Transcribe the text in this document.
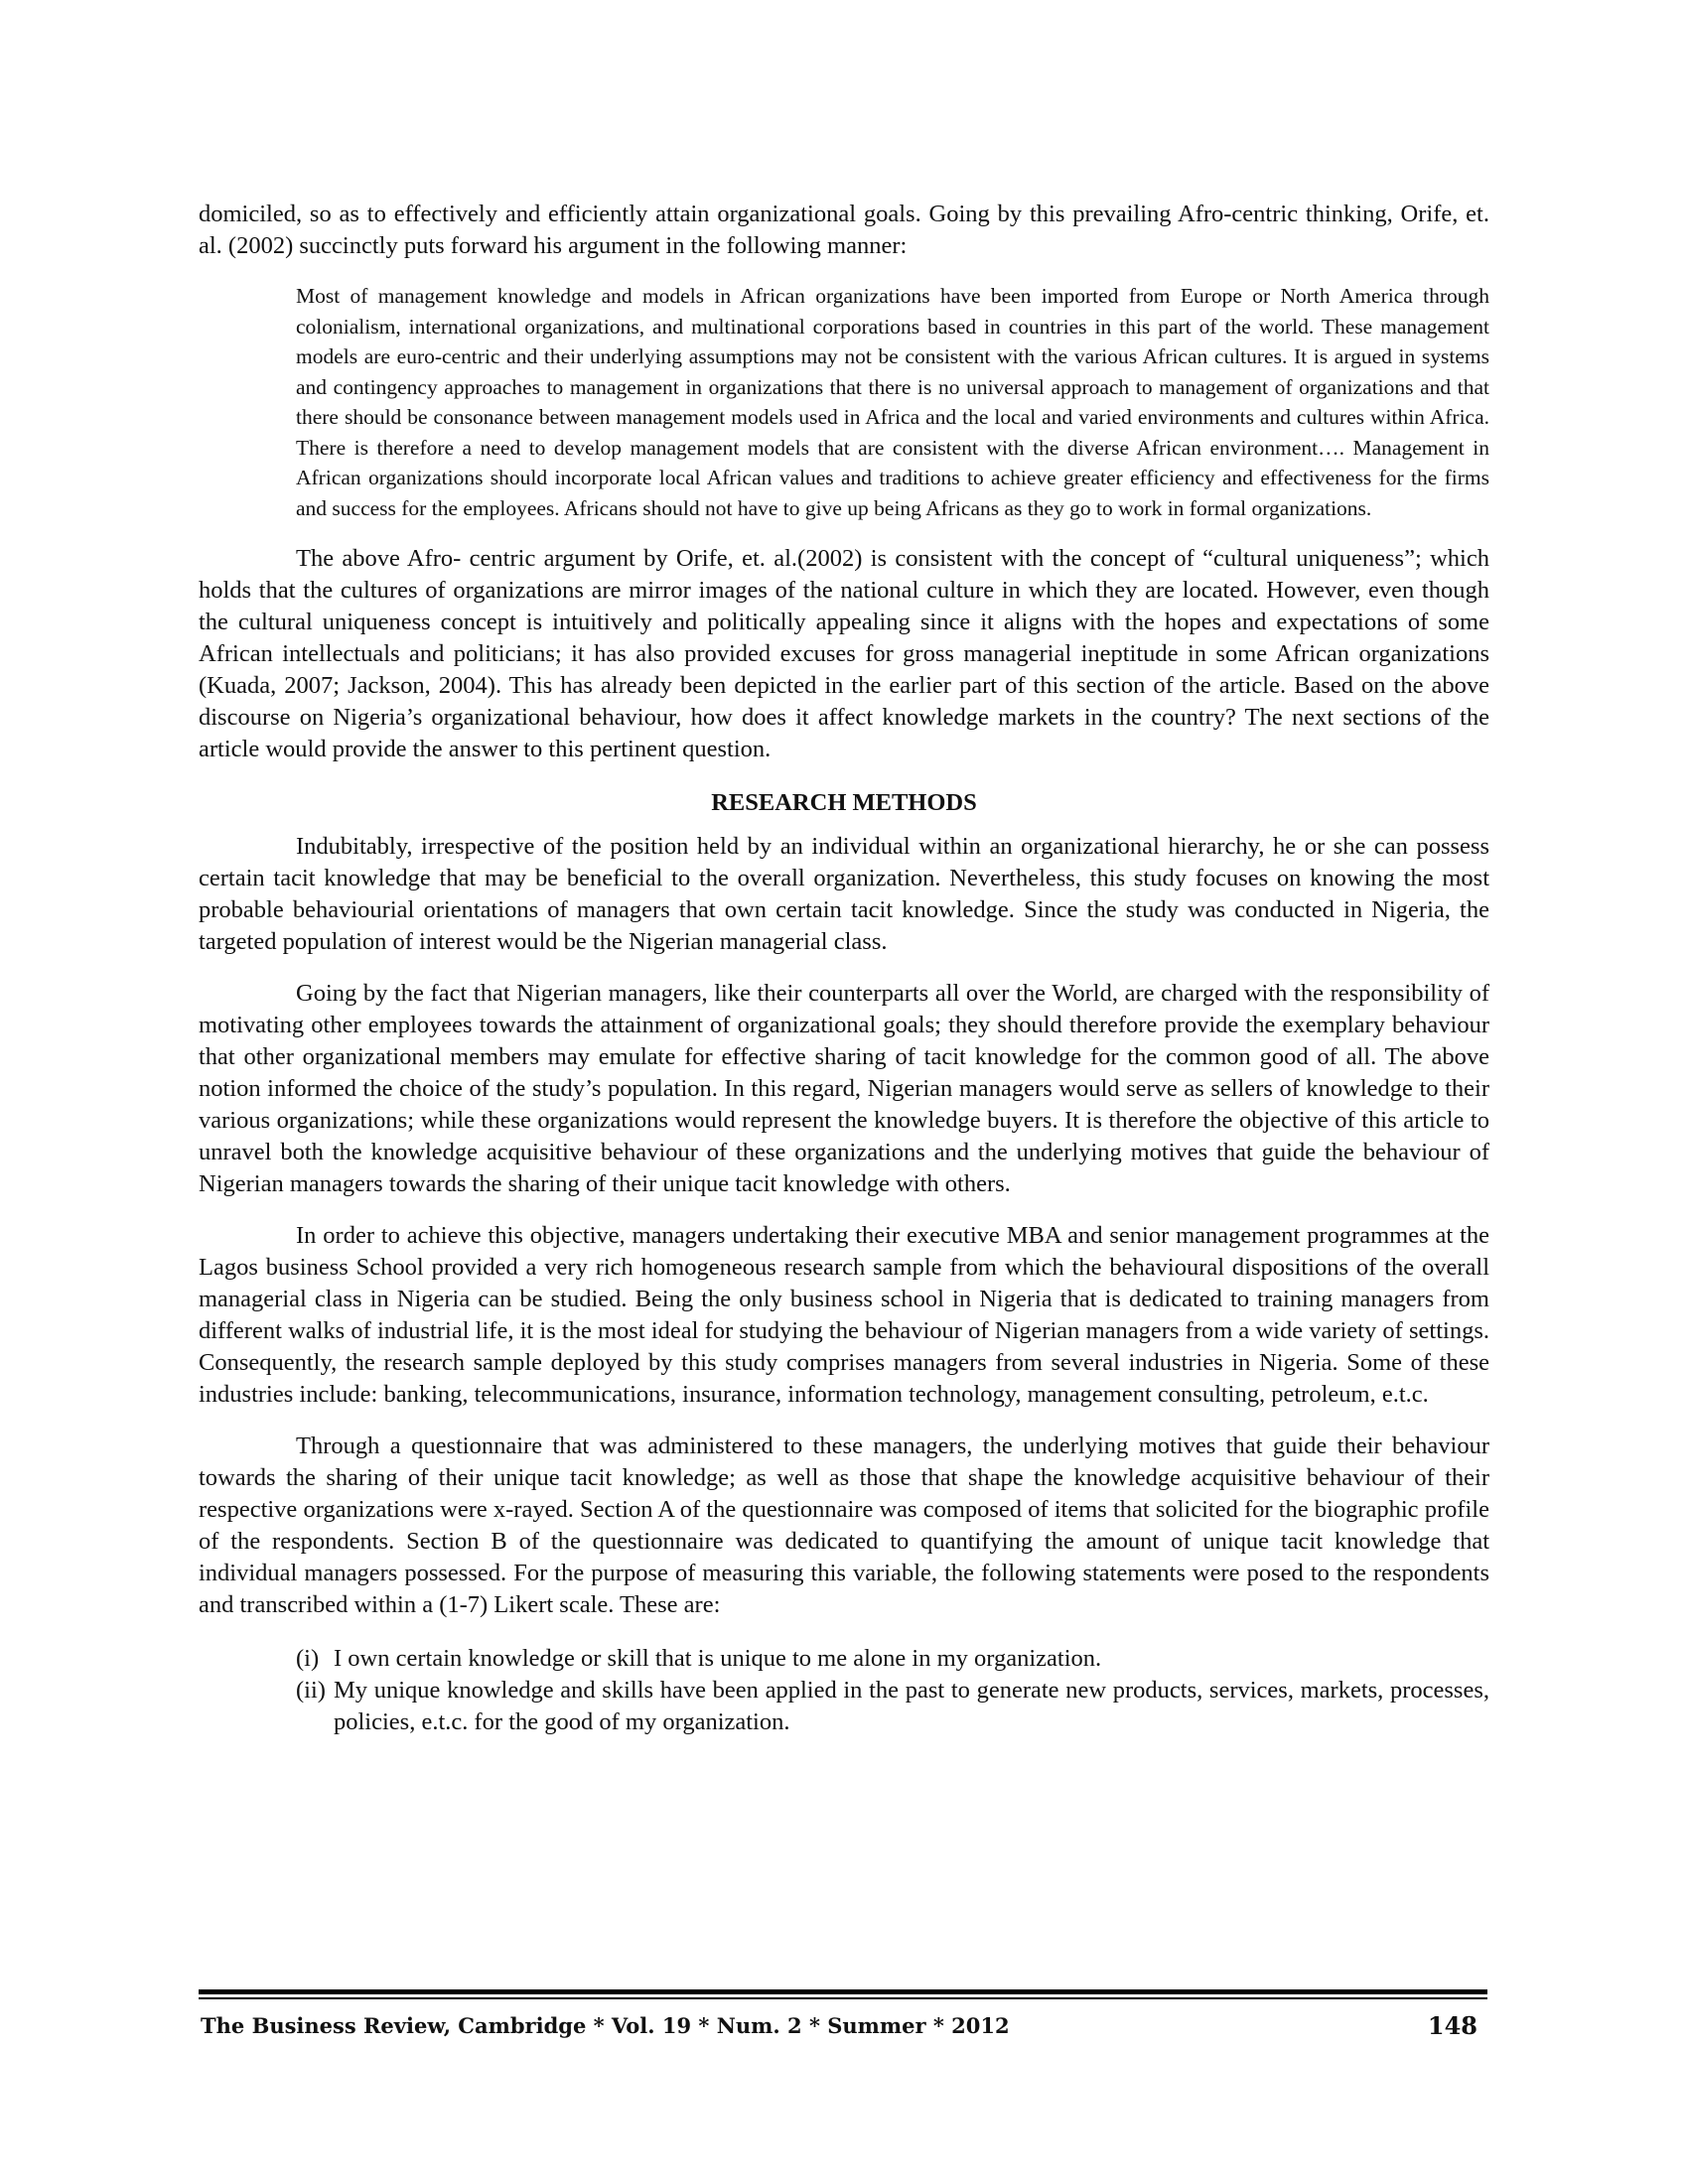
domiciled, so as to effectively and efficiently attain organizational goals. Going by this prevailing Afro-centric thinking, Orife, et. al. (2002) succinctly puts forward his argument in the following manner:

Most of management knowledge and models in African organizations have been imported from Europe or North America through colonialism, international organizations, and multinational corporations based in countries in this part of the world. These management models are euro-centric and their underlying assumptions may not be consistent with the various African cultures. It is argued in systems and contingency approaches to management in organizations that there is no universal approach to management of organizations and that there should be consonance between management models used in Africa and the local and varied environments and cultures within Africa. There is therefore a need to develop management models that are consistent with the diverse African environment…. Management in African organizations should incorporate local African values and traditions to achieve greater efficiency and effectiveness for the firms and success for the employees. Africans should not have to give up being Africans as they go to work in formal organizations.

The above Afro- centric argument by Orife, et. al.(2002) is consistent with the concept of “cultural uniqueness”; which holds that the cultures of organizations are mirror images of the national culture in which they are located. However, even though the cultural uniqueness concept is intuitively and politically appealing since it aligns with the hopes and expectations of some African intellectuals and politicians; it has also provided excuses for gross managerial ineptitude in some African organizations (Kuada, 2007; Jackson, 2004). This has already been depicted in the earlier part of this section of the article. Based on the above discourse on Nigeria’s organizational behaviour, how does it affect knowledge markets in the country? The next sections of the article would provide the answer to this pertinent question.

RESEARCH METHODS

Indubitably, irrespective of the position held by an individual within an organizational hierarchy, he or she can possess certain tacit knowledge that may be beneficial to the overall organization. Nevertheless, this study focuses on knowing the most probable behaviourial orientations of managers that own certain tacit knowledge. Since the study was conducted in Nigeria, the targeted population of interest would be the Nigerian managerial class.

Going by the fact that Nigerian managers, like their counterparts all over the World, are charged with the responsibility of motivating other employees towards the attainment of organizational goals; they should therefore provide the exemplary behaviour that other organizational members may emulate for effective sharing of tacit knowledge for the common good of all. The above notion informed the choice of the study’s population. In this regard, Nigerian managers would serve as sellers of knowledge to their various organizations; while these organizations would represent the knowledge buyers. It is therefore the objective of this article to unravel both the knowledge acquisitive behaviour of these organizations and the underlying motives that guide the behaviour of Nigerian managers towards the sharing of their unique tacit knowledge with others.

In order to achieve this objective, managers undertaking their executive MBA and senior management programmes at the Lagos business School provided a very rich homogeneous research sample from which the behavioural dispositions of the overall managerial class in Nigeria can be studied. Being the only business school in Nigeria that is dedicated to training managers from different walks of industrial life, it is the most ideal for studying the behaviour of Nigerian managers from a wide variety of settings. Consequently, the research sample deployed by this study comprises managers from several industries in Nigeria. Some of these industries include: banking, telecommunications, insurance, information technology, management consulting, petroleum, e.t.c.

Through a questionnaire that was administered to these managers, the underlying motives that guide their behaviour towards the sharing of their unique tacit knowledge; as well as those that shape the knowledge acquisitive behaviour of their respective organizations were x-rayed. Section A of the questionnaire was composed of items that solicited for the biographic profile of the respondents. Section B of the questionnaire was dedicated to quantifying the amount of unique tacit knowledge that individual managers possessed. For the purpose of measuring this variable, the following statements were posed to the respondents and transcribed within a (1-7) Likert scale. These are:

(i) I own certain knowledge or skill that is unique to me alone in my organization.
(ii) My unique knowledge and skills have been applied in the past to generate new products, services, markets, processes, policies, e.t.c. for the good of my organization.
The Business Review, Cambridge * Vol. 19 * Num. 2 * Summer * 2012	148
